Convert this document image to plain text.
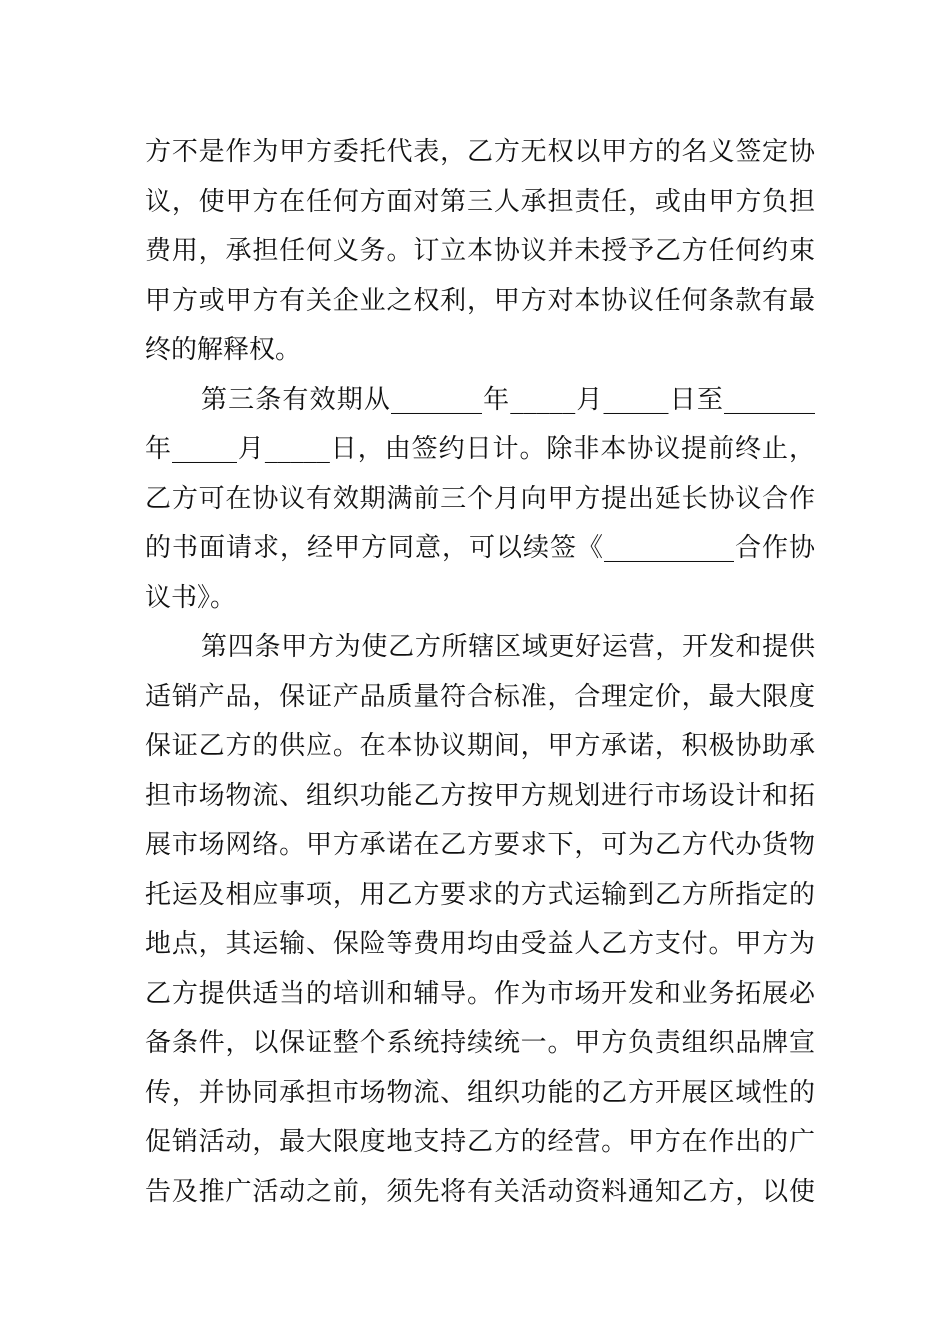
方不是作为甲方委托代表，乙方无权以甲方的名义签定协
议，使甲方在任何方面对第三人承担责任，或由甲方负担
费用，承担任何义务。订立本协议并未授予乙方任何约束
甲方或甲方有关企业之权利，甲方对本协议任何条款有最
终的解释权。
第三条有效期从_______年_____月_____日至_______
年_____月_____日，由签约日计。除非本协议提前终止，
乙方可在协议有效期满前三个月向甲方提出延长协议合作
的书面请求，经甲方同意，可以续签《__________合作协
议书》。
第四条甲方为使乙方所辖区域更好运营，开发和提供
适销产品，保证产品质量符合标准，合理定价，最大限度
保证乙方的供应。在本协议期间，甲方承诺，积极协助承
担市场物流、组织功能乙方按甲方规划进行市场设计和拓
展市场网络。甲方承诺在乙方要求下，可为乙方代办货物
托运及相应事项，用乙方要求的方式运输到乙方所指定的
地点，其运输、保险等费用均由受益人乙方支付。甲方为
乙方提供适当的培训和辅导。作为市场开发和业务拓展必
备条件，以保证整个系统持续统一。甲方负责组织品牌宣
传，并协同承担市场物流、组织功能的乙方开展区域性的
促销活动，最大限度地支持乙方的经营。甲方在作出的广
告及推广活动之前，须先将有关活动资料通知乙方，以使
